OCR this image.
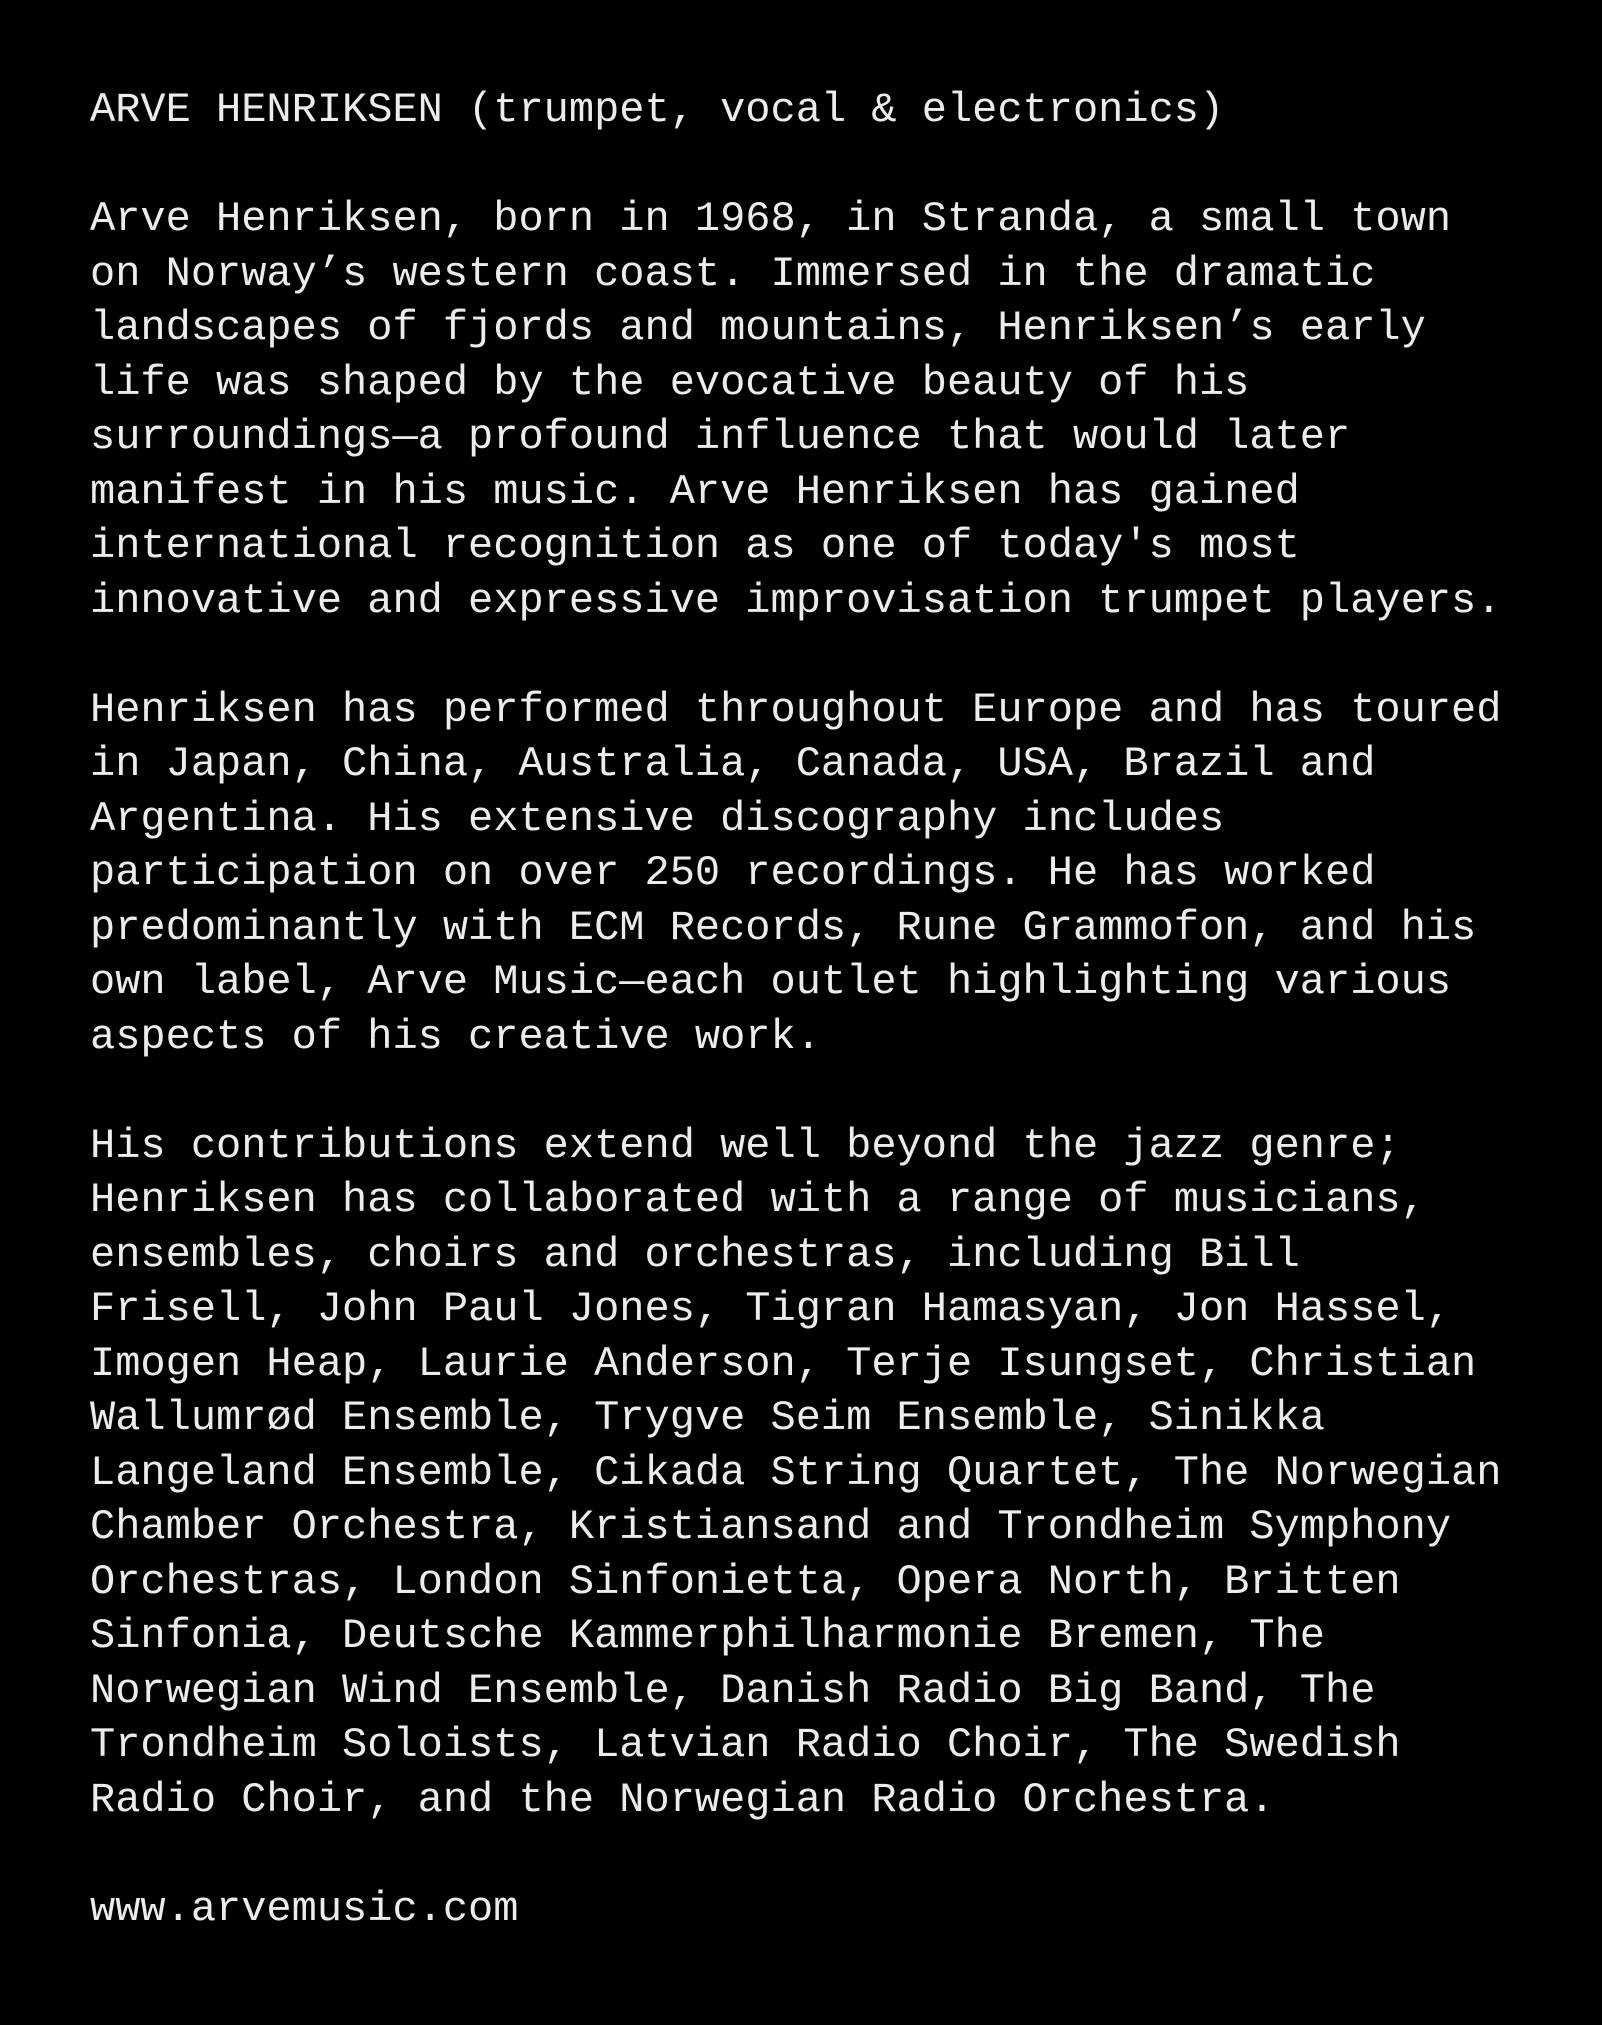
ARVE HENRIKSEN (trumpet, vocal & electronics)
Arve Henriksen, born in 1968, in Stranda, a small town
on Norway’s western coast. Immersed in the dramatic
landscapes of fjords and mountains, Henriksen’s early
life was shaped by the evocative beauty of his
surroundings—a profound influence that would later
manifest in his music. Arve Henriksen has gained
international recognition as one of today's most
innovative and expressive improvisation trumpet players.
Henriksen has performed throughout Europe and has toured
in Japan, China, Australia, Canada, USA, Brazil and
Argentina. His extensive discography includes
participation on over 250 recordings. He has worked
predominantly with ECM Records, Rune Grammofon, and his
own label, Arve Music—each outlet highlighting various
aspects of his creative work.
His contributions extend well beyond the jazz genre;
Henriksen has collaborated with a range of musicians,
ensembles, choirs and orchestras, including Bill
Frisell, John Paul Jones, Tigran Hamasyan, Jon Hassel,
Imogen Heap, Laurie Anderson, Terje Isungset, Christian
Wallumrød Ensemble, Trygve Seim Ensemble, Sinikka
Langeland Ensemble, Cikada String Quartet, The Norwegian
Chamber Orchestra, Kristiansand and Trondheim Symphony
Orchestras, London Sinfonietta, Opera North, Britten
Sinfonia, Deutsche Kammerphilharmonie Bremen, The
Norwegian Wind Ensemble, Danish Radio Big Band, The
Trondheim Soloists, Latvian Radio Choir, The Swedish
Radio Choir, and the Norwegian Radio Orchestra.
www.arvemusic.com
